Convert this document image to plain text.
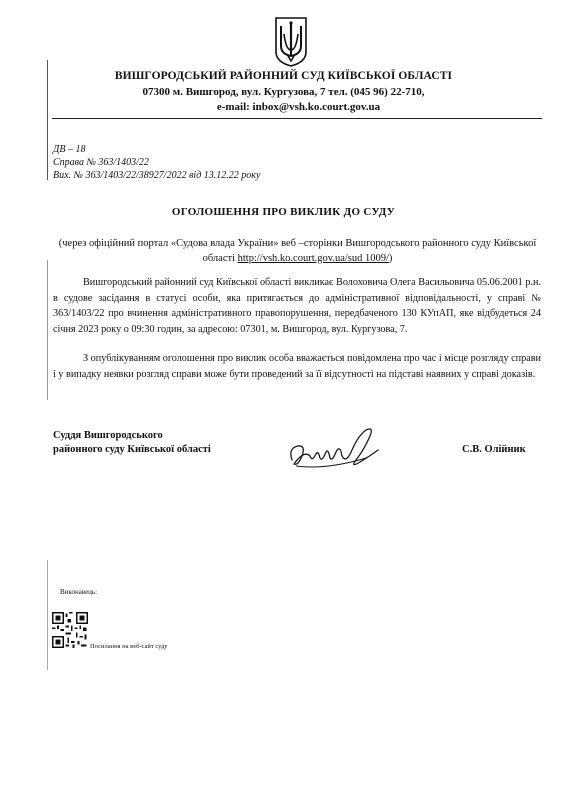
ВИШГОРОДСЬКИЙ РАЙОННИЙ СУД КИЇВСЬКОЇ ОБЛАСТІ
07300 м. Вишгород, вул. Кургузова, 7 тел. (045 96) 22-710,
e-mail: inbox@vsh.ko.court.gov.ua
ДВ – 18
Справа № 363/1403/22
Вих. № 363/1403/22/38927/2022 від 13.12.22 року
ОГОЛОШЕННЯ ПРО ВИКЛИК ДО СУДУ
(через офіційний портал «Судова влада України» веб –сторінки Вишгородського районного суду Київської області http://vsh.ko.court.gov.ua/sud 1009/)
Вишгородський районний суд Київської області викликає Волоховича Олега Васильовича 05.06.2001 р.н. в судове засідання в статусі особи, яка притягається до адміністративної відповідальності, у справі № 363/1403/22 про вчинення адміністративного правопорушення, передбаченого 130 КУпАП, яке відбудеться 24 січня 2023 року о 09:30 годин, за адресою: 07301, м. Вишгород, вул. Кургузова, 7.
З опублікуванням оголошення про виклик особа вважається повідомлена про час і місце розгляду справи і у випадку неявки розгляд справи може бути проведений за її відсутності на підставі наявних у справі доказів.
Суддя Вишгородського
районного суду Київської області	С.В. Олійник
Виконавець:
Посилання на веб-сайт суду
